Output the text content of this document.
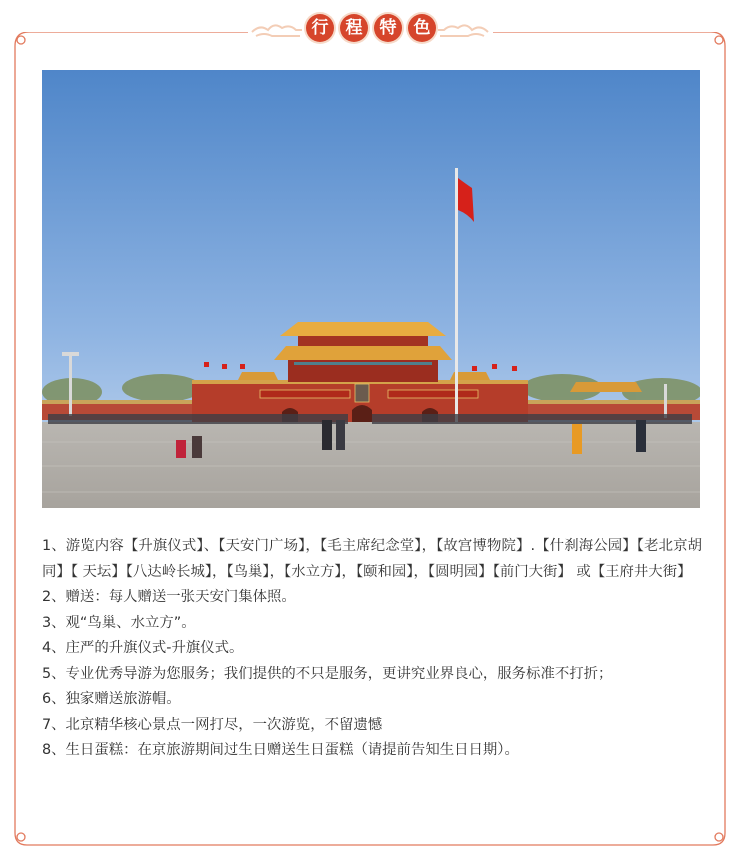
行	程	特	色
1、游览内容【升旗仪式】、【天安门广场】，【毛主席纪念堂】，【故宫博物院】.【什刹海公园】【老北京胡同】【 天坛】【八达岭长城】，【鸟巢】，【水立方】，【颐和园】，【圆明园】【前门大街】 或【王府井大街】
2、赠送：每人赠送一张天安门集体照。
3、观“鸟巢、水立方”。
4、庄严的升旗仪式-升旗仪式。
5、专业优秀导游为您服务；我们提供的不只是服务，更讲究业界良心，服务标准不打折；
6、独家赠送旅游帽。
7、北京精华核心景点一网打尽，一次游览，不留遗憾
8、生日蛋糕：在京旅游期间过生日赠送生日蛋糕（请提前告知生日日期）。
